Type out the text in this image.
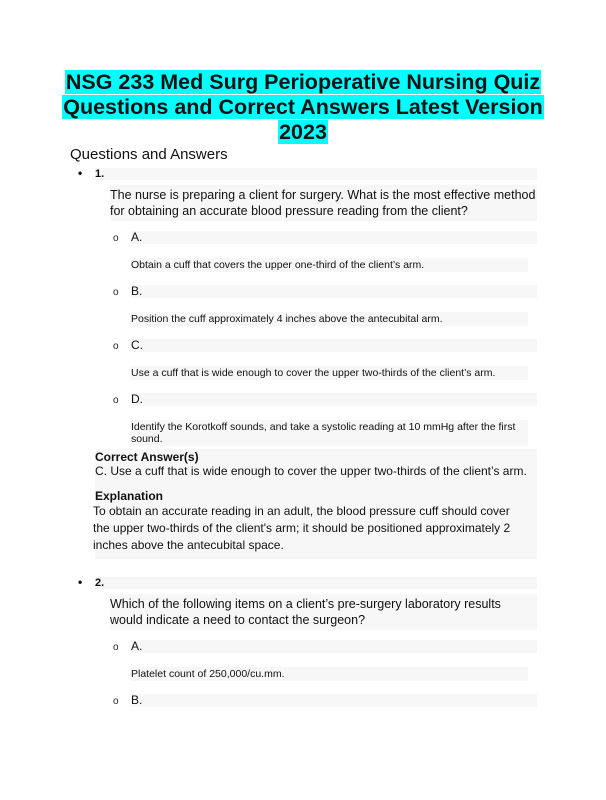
NSG 233 Med Surg Perioperative Nursing Quiz
Questions and Correct Answers Latest Version
2023
Questions and Answers
• 1.
The nurse is preparing a client for surgery. What is the most effective method for obtaining an accurate blood pressure reading from the client?
o A.
Obtain a cuff that covers the upper one-third of the client’s arm.
o B.
Position the cuff approximately 4 inches above the antecubital arm.
o C.
Use a cuff that is wide enough to cover the upper two-thirds of the client’s arm.
o D.
Identify the Korotkoff sounds, and take a systolic reading at 10 mmHg after the first sound.
Correct Answer(s)
C. Use a cuff that is wide enough to cover the upper two-thirds of the client’s arm.
Explanation
To obtain an accurate reading in an adult, the blood pressure cuff should cover the upper two-thirds of the client's arm; it should be positioned approximately 2 inches above the antecubital space.
• 2.
Which of the following items on a client’s pre-surgery laboratory results would indicate a need to contact the surgeon?
o A.
Platelet count of 250,000/cu.mm.
o B.
